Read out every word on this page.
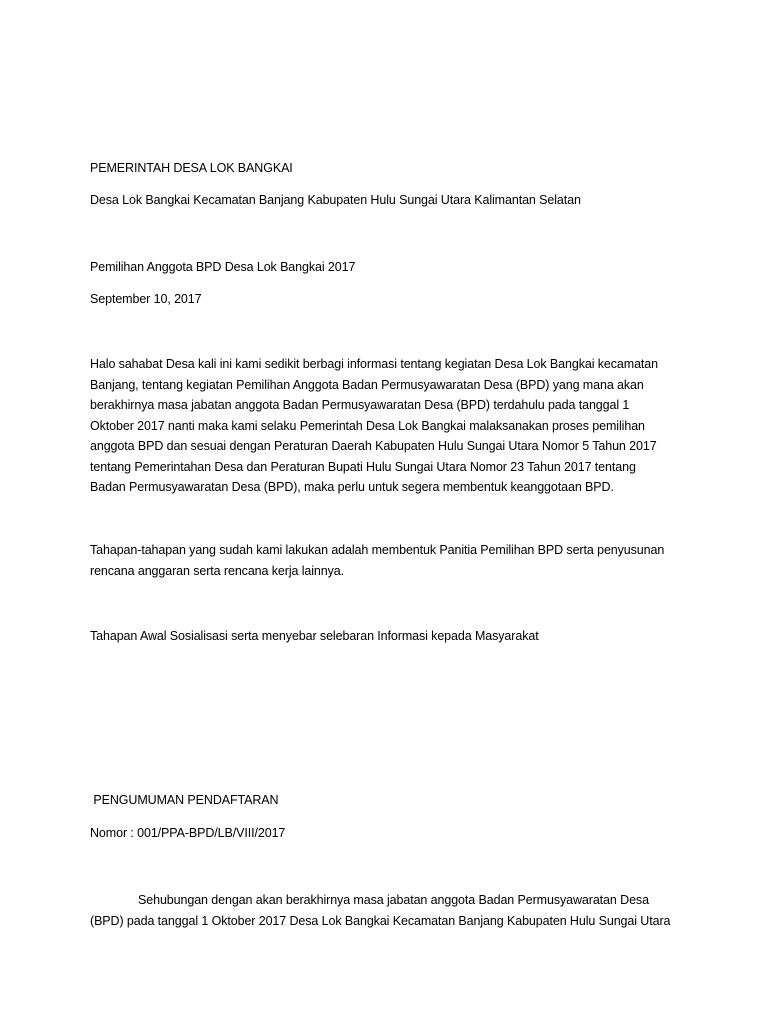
PEMERINTAH DESA LOK BANGKAI
Desa Lok Bangkai Kecamatan Banjang Kabupaten Hulu Sungai Utara Kalimantan Selatan
Pemilihan Anggota BPD Desa Lok Bangkai 2017
September 10, 2017
Halo sahabat Desa kali ini kami sedikit berbagi informasi tentang kegiatan Desa Lok Bangkai kecamatan
Banjang, tentang kegiatan Pemilihan Anggota Badan Permusyawaratan Desa (BPD) yang mana akan
berakhirnya masa jabatan anggota Badan Permusyawaratan Desa (BPD) terdahulu pada tanggal 1
Oktober 2017 nanti maka kami selaku Pemerintah Desa Lok Bangkai malaksanakan proses pemilihan
anggota BPD dan sesuai dengan Peraturan Daerah Kabupaten Hulu Sungai Utara Nomor 5 Tahun 2017
tentang Pemerintahan Desa dan Peraturan Bupati Hulu Sungai Utara Nomor 23 Tahun 2017 tentang
Badan Permusyawaratan Desa (BPD), maka perlu untuk segera membentuk keanggotaan BPD.
Tahapan-tahapan yang sudah kami lakukan adalah membentuk Panitia Pemilihan BPD serta penyusunan
rencana anggaran serta rencana kerja lainnya.
Tahapan Awal Sosialisasi serta menyebar selebaran Informasi kepada Masyarakat
PENGUMUMAN PENDAFTARAN
Nomor : 001/PPA-BPD/LB/VIII/2017
Sehubungan dengan akan berakhirnya masa jabatan anggota Badan Permusyawaratan Desa
(BPD) pada tanggal 1 Oktober 2017 Desa Lok Bangkai Kecamatan Banjang Kabupaten Hulu Sungai Utara
